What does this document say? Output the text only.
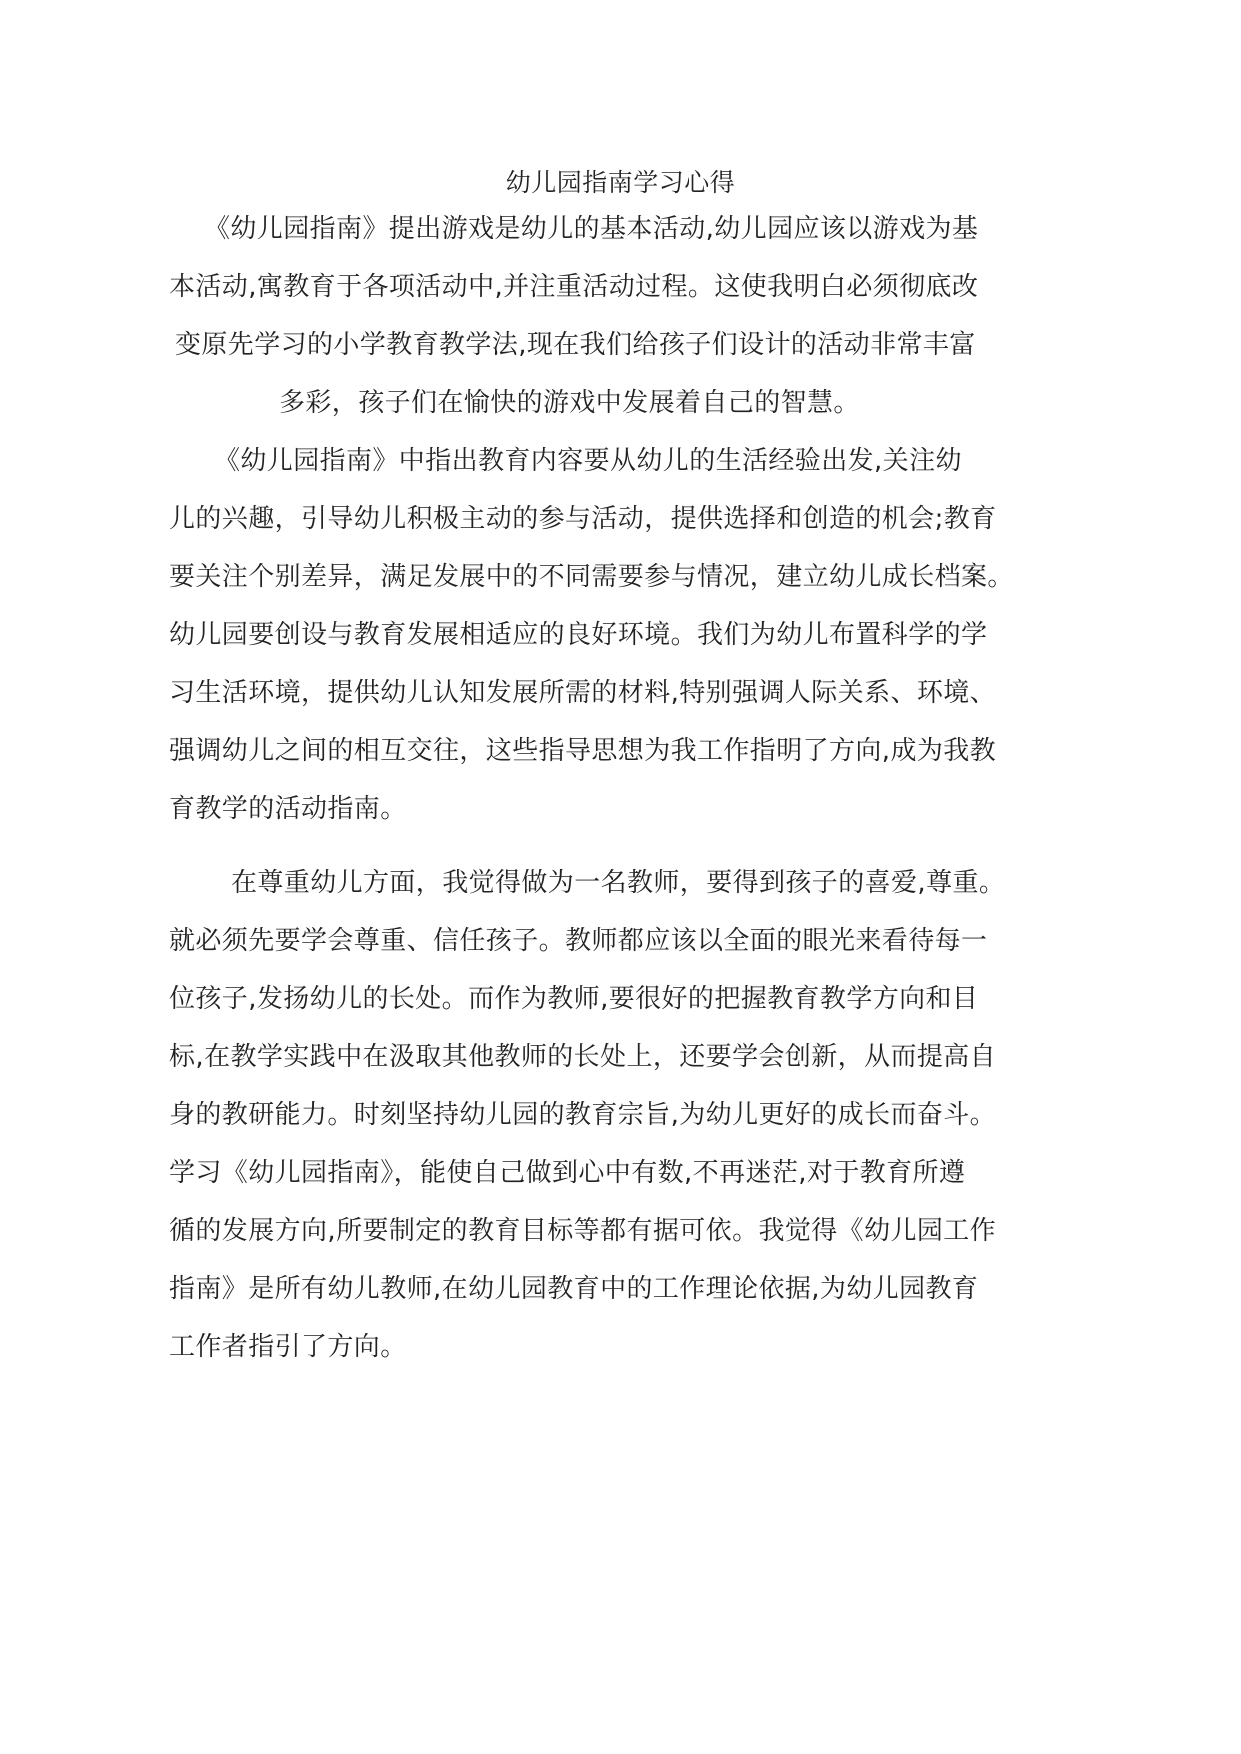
幼儿园指南学习心得
《幼儿园指南》提出游戏是幼儿的基本活动,幼儿园应该以游戏为基
本活动,寓教育于各项活动中,并注重活动过程。这使我明白必须彻底改
变原先学习的小学教育教学法,现在我们给孩子们设计的活动非常丰富
多彩，孩子们在愉快的游戏中发展着自己的智慧。
《幼儿园指南》中指出教育内容要从幼儿的生活经验出发,关注幼
儿的兴趣，引导幼儿积极主动的参与活动，提供选择和创造的机会;教育
要关注个别差异，满足发展中的不同需要参与情况，建立幼儿成长档案。
幼儿园要创设与教育发展相适应的良好环境。我们为幼儿布置科学的学
习生活环境，提供幼儿认知发展所需的材料,特别强调人际关系、环境、
强调幼儿之间的相互交往，这些指导思想为我工作指明了方向,成为我教
育教学的活动指南。
在尊重幼儿方面，我觉得做为一名教师，要得到孩子的喜爱,尊重。
就必须先要学会尊重、信任孩子。教师都应该以全面的眼光来看待每一
位孩子,发扬幼儿的长处。而作为教师,要很好的把握教育教学方向和目
标,在教学实践中在汲取其他教师的长处上，还要学会创新，从而提高自
身的教研能力。时刻坚持幼儿园的教育宗旨,为幼儿更好的成长而奋斗。
学习《幼儿园指南》，能使自己做到心中有数,不再迷茫,对于教育所遵
循的发展方向,所要制定的教育目标等都有据可依。我觉得《幼儿园工作
指南》是所有幼儿教师,在幼儿园教育中的工作理论依据,为幼儿园教育
工作者指引了方向。
